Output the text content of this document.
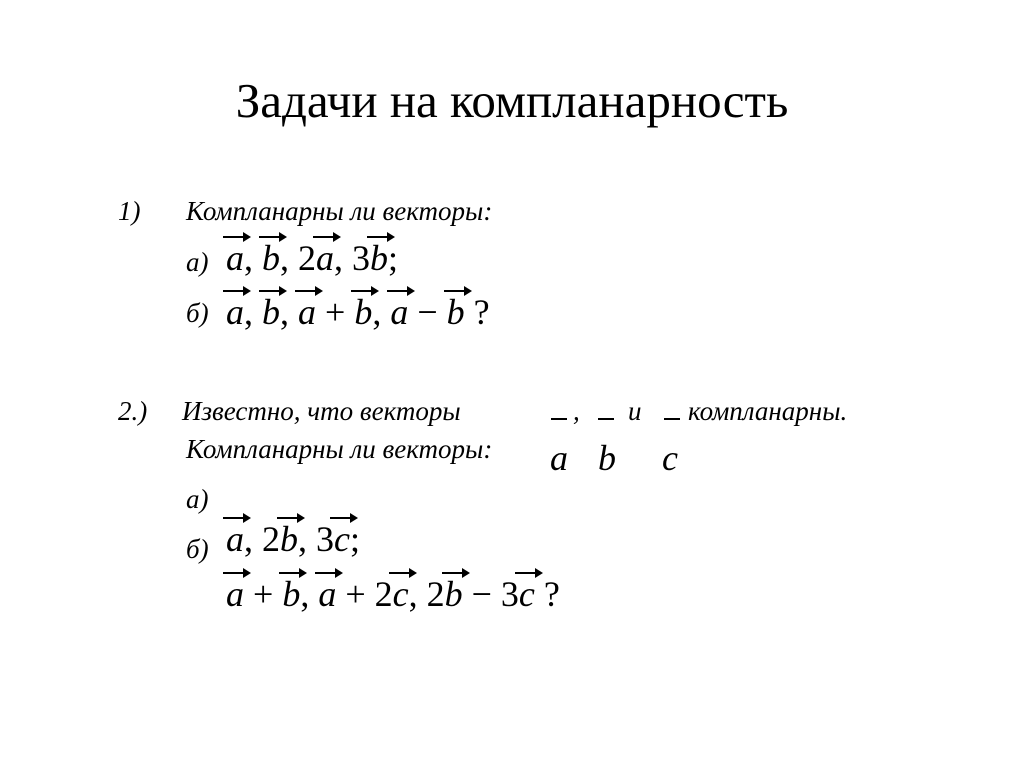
Задачи на компланарность
1) Компланарны ли векторы:
а)
б)
a, b, 2a, 3b;
a, b, a + b, a − b ?
2.) Известно, что векторы	, и компланарны.
a b c
Компланарны ли векторы:
а)
б) a, 2b, 3c;
a + b, a + 2c, 2b − 3c ?
